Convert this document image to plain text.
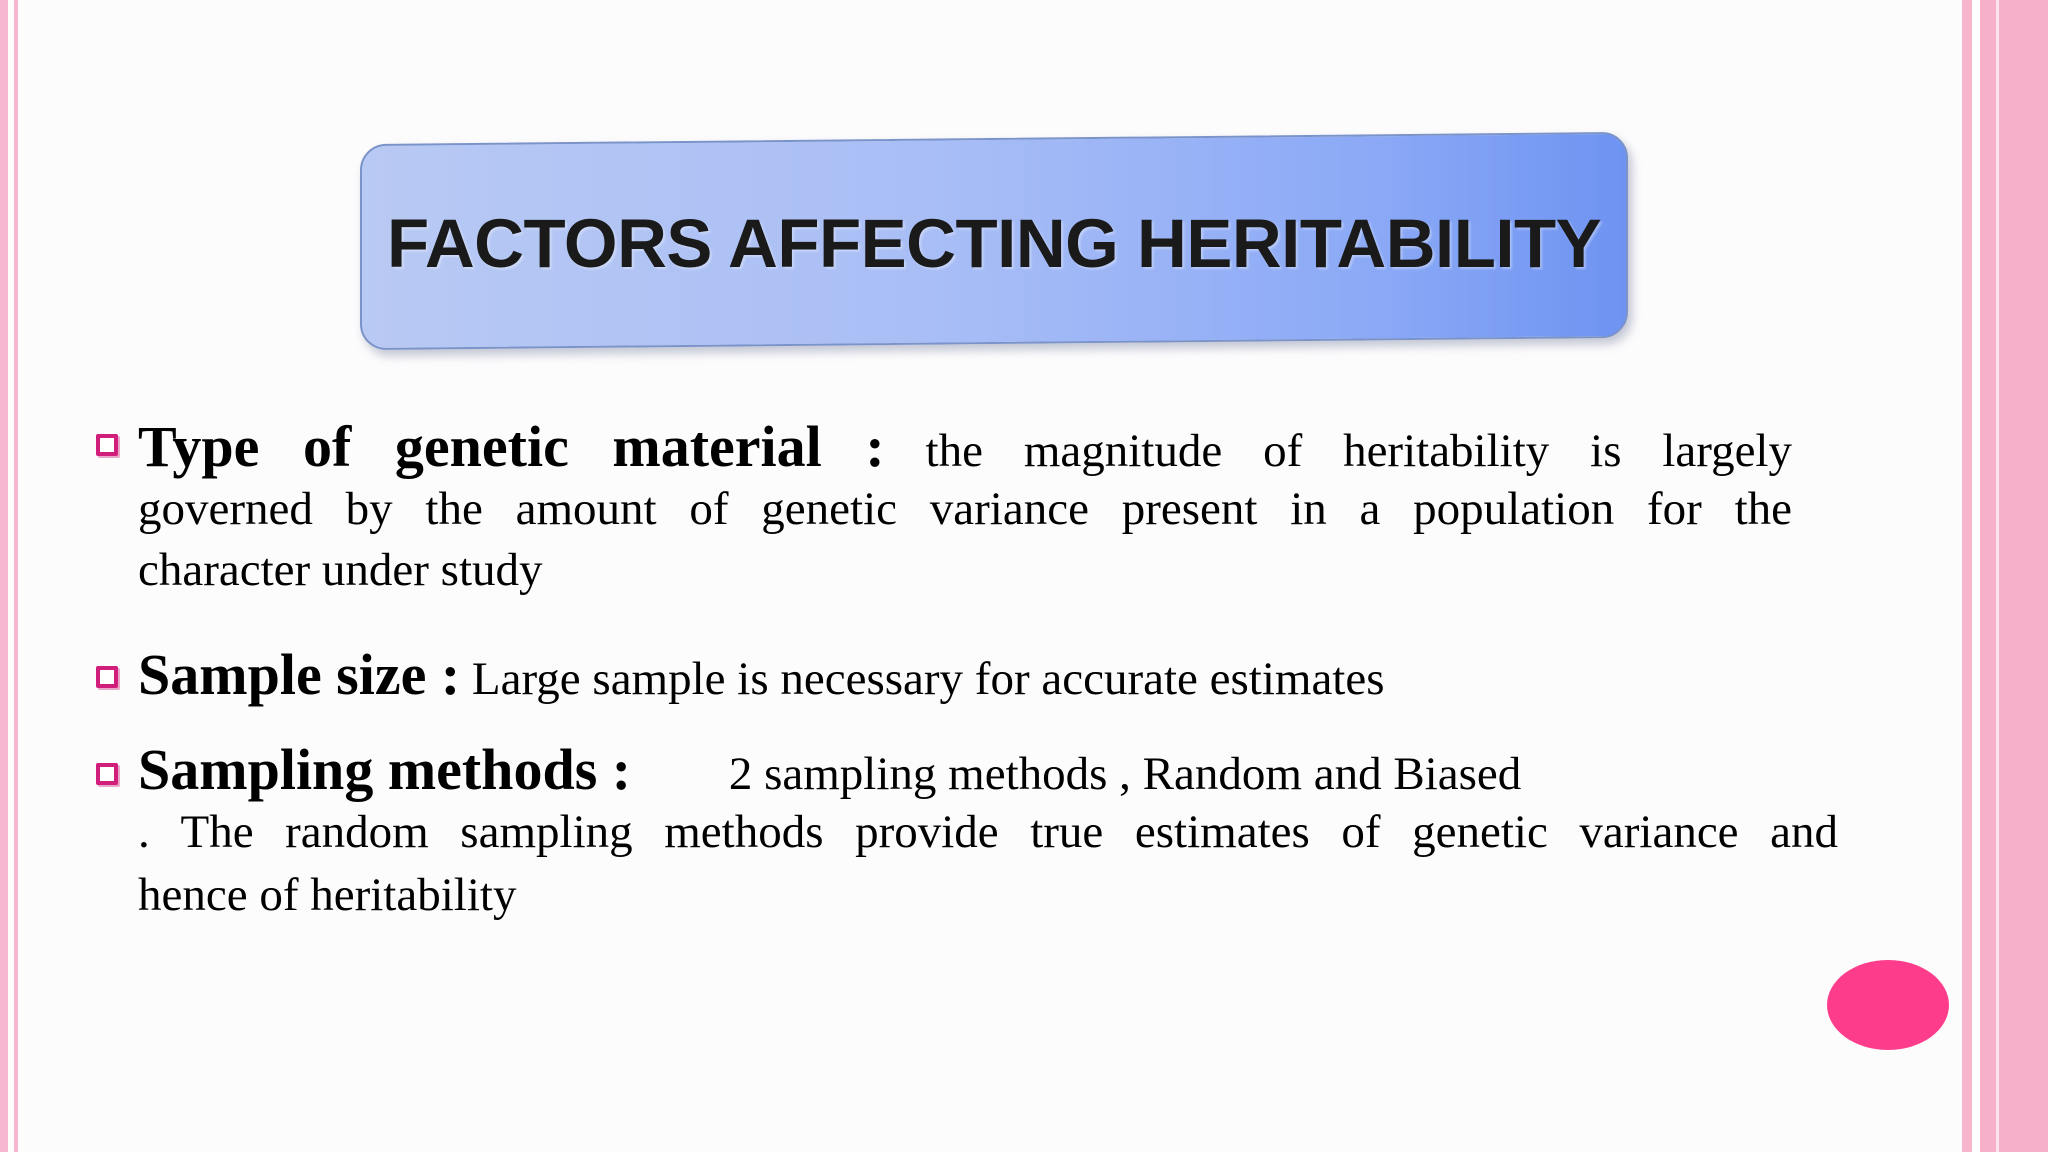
FACTORS AFFECTING HERITABILITY
Type of genetic material : the magnitude of heritability is largely
governed by the amount of genetic variance present in a population for the
character under study
Sample size : Large sample is necessary for accurate estimates
Sampling methods : 2 sampling methods , Random and Biased
. The random sampling methods provide true estimates of genetic variance and
hence of heritability
